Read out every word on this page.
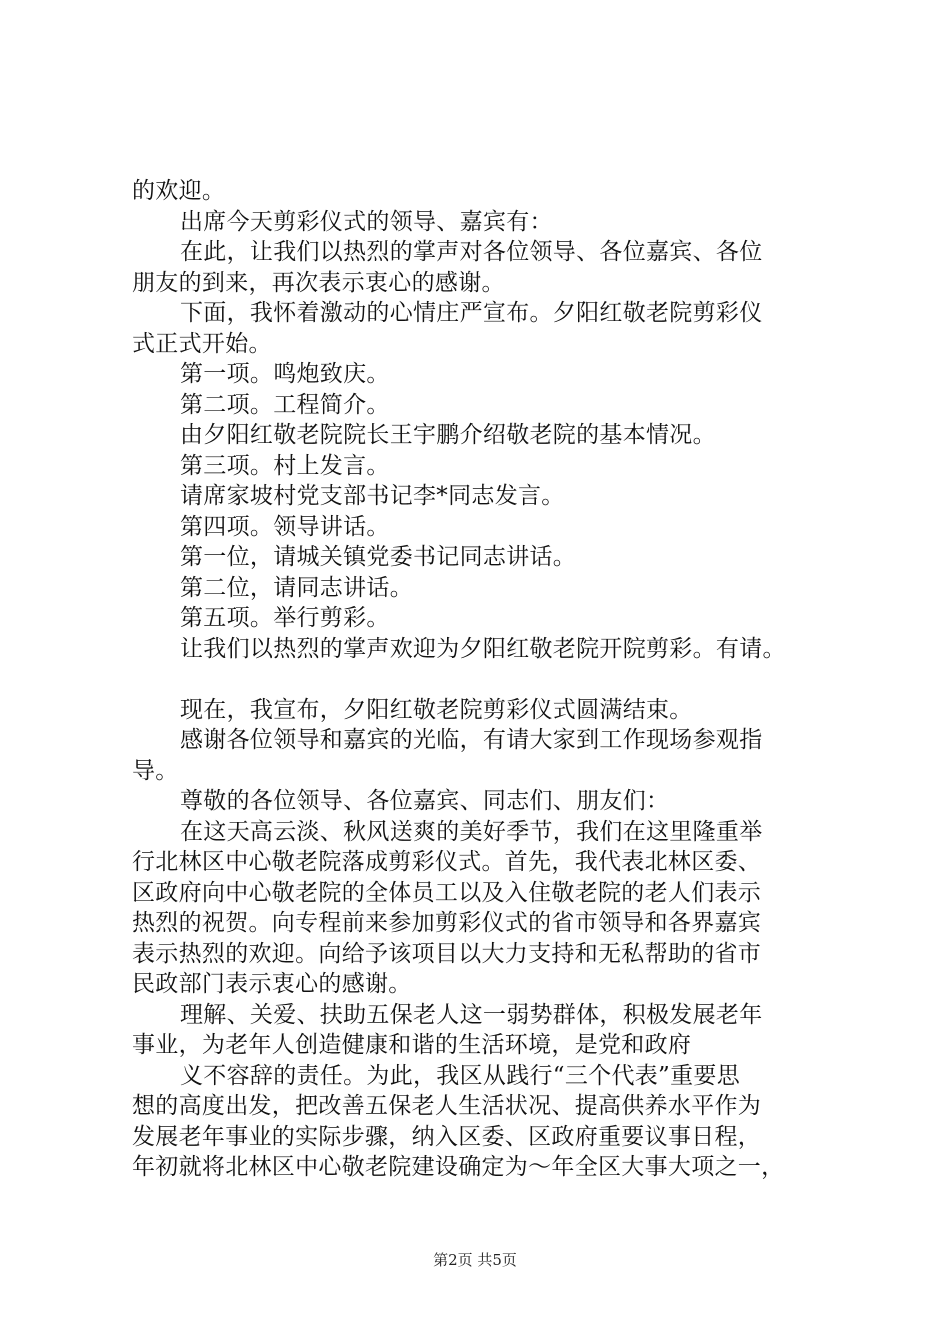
的欢迎。
出席今天剪彩仪式的领导、嘉宾有：
在此，让我们以热烈的掌声对各位领导、各位嘉宾、各位
朋友的到来，再次表示衷心的感谢。
下面，我怀着激动的心情庄严宣布。夕阳红敬老院剪彩仪
式正式开始。
第一项。鸣炮致庆。
第二项。工程简介。
由夕阳红敬老院院长王宇鹏介绍敬老院的基本情况。
第三项。村上发言。
请席家坡村党支部书记李*同志发言。
第四项。领导讲话。
第一位，请城关镇党委书记同志讲话。
第二位，请同志讲话。
第五项。举行剪彩。
让我们以热烈的掌声欢迎为夕阳红敬老院开院剪彩。有请。
现在，我宣布，夕阳红敬老院剪彩仪式圆满结束。
感谢各位领导和嘉宾的光临，有请大家到工作现场参观指
导。
尊敬的各位领导、各位嘉宾、同志们、朋友们：
在这天高云淡、秋风送爽的美好季节，我们在这里隆重举
行北林区中心敬老院落成剪彩仪式。首先，我代表北林区委、
区政府向中心敬老院的全体员工以及入住敬老院的老人们表示
热烈的祝贺。向专程前来参加剪彩仪式的省市领导和各界嘉宾
表示热烈的欢迎。向给予该项目以大力支持和无私帮助的省市
民政部门表示衷心的感谢。
理解、关爱、扶助五保老人这一弱势群体，积极发展老年
事业，为老年人创造健康和谐的生活环境，是党和政府
义不容辞的责任。为此，我区从践行“三个代表”重要思
想的高度出发，把改善五保老人生活状况、提高供养水平作为
发展老年事业的实际步骤，纳入区委、区政府重要议事日程，
年初就将北林区中心敬老院建设确定为～年全区大事大项之一，
第2页 共5页
